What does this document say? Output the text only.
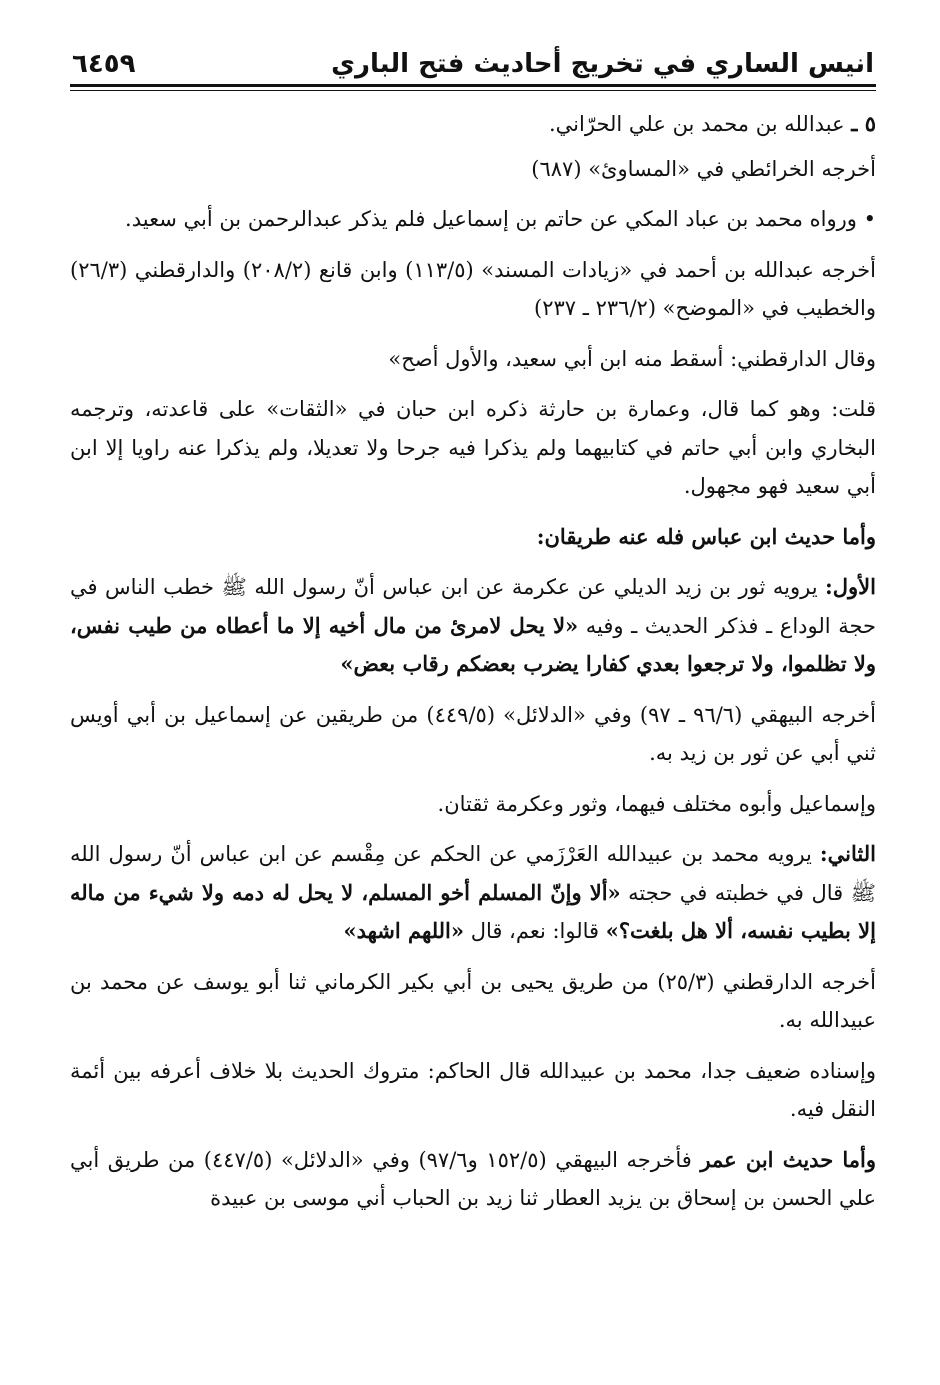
انيس الساري في تخريج أحاديث فتح الباري
٦٤٥٩

٥ ـ عبدالله بن محمد بن علي الحرّاني.

أخرجه الخرائطي في «المساوئ» (٦٨٧)

• ورواه محمد بن عباد المكي عن حاتم بن إسماعيل فلم يذكر عبدالرحمن بن أبي سعيد.

أخرجه عبدالله بن أحمد في «زيادات المسند» (١١٣/٥) وابن قانع (٢٠٨/٢) والدارقطني (٢٦/٣) والخطيب في «الموضح» (٢٣٦/٢ ـ ٢٣٧)

وقال الدارقطني: أسقط منه ابن أبي سعيد، والأول أصح»

قلت: وهو كما قال، وعمارة بن حارثة ذكره ابن حبان في «الثقات» على قاعدته، وترجمه البخاري وابن أبي حاتم في كتابيهما ولم يذكرا فيه جرحا ولا تعديلا، ولم يذكرا عنه راويا إلا ابن أبي سعيد فهو مجهول.

وأما حديث ابن عباس فله عنه طريقان:

الأول: يرويه ثور بن زيد الديلي عن عكرمة عن ابن عباس أنّ رسول الله ﷺ خطب الناس في حجة الوداع ـ فذكر الحديث ـ وفيه «لا يحل لامرئ من مال أخيه إلا ما أعطاه من طيب نفس، ولا تظلموا، ولا ترجعوا بعدي كفارا يضرب بعضكم رقاب بعض»

أخرجه البيهقي (٩٦/٦ ـ ٩٧) وفي «الدلائل» (٤٤٩/٥) من طريقين عن إسماعيل بن أبي أويس ثني أبي عن ثور بن زيد به.

وإسماعيل وأبوه مختلف فيهما، وثور وعكرمة ثقتان.

الثاني: يرويه محمد بن عبيدالله العَرْزَمي عن الحكم عن مِقْسم عن ابن عباس أنّ رسول الله ﷺ قال في خطبته في حجته «ألا وإنّ المسلم أخو المسلم، لا يحل له دمه ولا شيء من ماله إلا بطيب نفسه، ألا هل بلغت؟» قالوا: نعم، قال «اللهم اشهد»

أخرجه الدارقطني (٢٥/٣) من طريق يحيى بن أبي بكير الكرماني ثنا أبو يوسف عن محمد بن عبيدالله به.

وإسناده ضعيف جدا، محمد بن عبيدالله قال الحاكم: متروك الحديث بلا خلاف أعرفه بين أئمة النقل فيه.

وأما حديث ابن عمر فأخرجه البيهقي (١٥٢/٥ و٩٧/٦) وفي «الدلائل» (٤٤٧/٥) من طريق أبي علي الحسن بن إسحاق بن يزيد العطار ثنا زيد بن الحباب أني موسى بن عبيدة
